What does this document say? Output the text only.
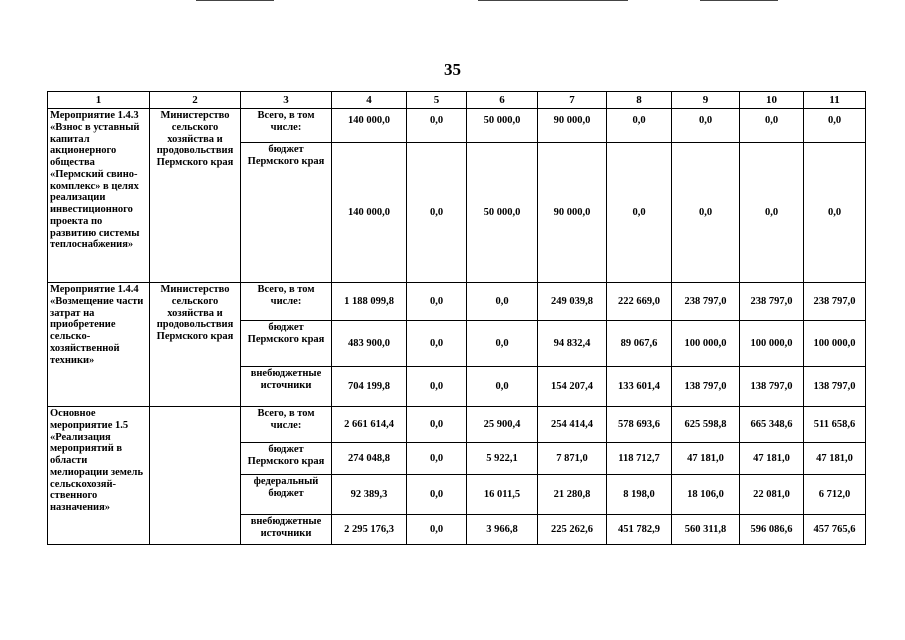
35
1	2	3	4	5	6	7	8	9	10	11
Мероприятие 1.4.3 «Взнос в уставный капитал акционерного общества «Пермский свино-комплекс» в целях реализации инвестиционного проекта по развитию системы теплоснабжения»	Министерство сельского хозяйства и продовольствия Пермского края	Всего, в том числе:	140 000,0	0,0	50 000,0	90 000,0	0,0	0,0	0,0	0,0
		бюджет Пермского края	140 000,0	0,0	50 000,0	90 000,0	0,0	0,0	0,0	0,0
Мероприятие 1.4.4 «Возмещение части затрат на приобретение сельско-хозяйственной техники»	Министерство сельского хозяйства и продовольствия Пермского края	Всего, в том числе:	1 188 099,8	0,0	0,0	249 039,8	222 669,0	238 797,0	238 797,0	238 797,0
		бюджет Пермского края	483 900,0	0,0	0,0	94 832,4	89 067,6	100 000,0	100 000,0	100 000,0
		внебюджетные источники	704 199,8	0,0	0,0	154 207,4	133 601,4	138 797,0	138 797,0	138 797,0
Основное мероприятие 1.5 «Реализация мероприятий в области мелиорации земель сельскохозяй-ственного назначения»		Всего, в том числе:	2 661 614,4	0,0	25 900,4	254 414,4	578 693,6	625 598,8	665 348,6	511 658,6
		бюджет Пермского края	274 048,8	0,0	5 922,1	7 871,0	118 712,7	47 181,0	47 181,0	47 181,0
		федеральный бюджет	92 389,3	0,0	16 011,5	21 280,8	8 198,0	18 106,0	22 081,0	6 712,0
		внебюджетные источники	2 295 176,3	0,0	3 966,8	225 262,6	451 782,9	560 311,8	596 086,6	457 765,6
